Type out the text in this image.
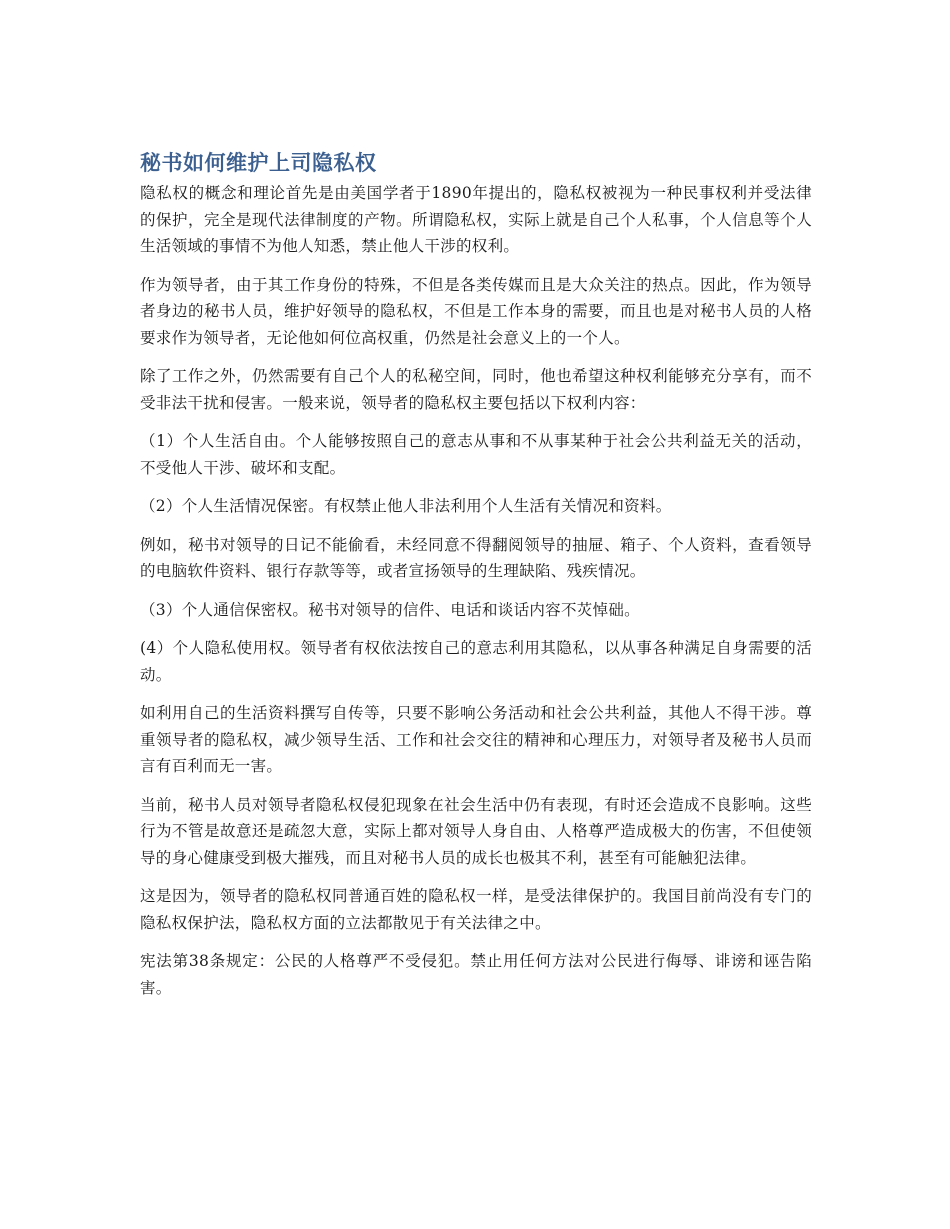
秘书如何维护上司隐私权

隐私权的概念和理论首先是由美国学者于1890年提出的，隐私权被视为一种民事权利并受法律的保护，完全是现代法律制度的产物。所谓隐私权，实际上就是自己个人私事，个人信息等个人生活领域的事情不为他人知悉，禁止他人干涉的权利。

作为领导者，由于其工作身份的特殊，不但是各类传媒而且是大众关注的热点。因此，作为领导者身边的秘书人员，维护好领导的隐私权，不但是工作本身的需要，而且也是对秘书人员的人格要求作为领导者，无论他如何位高权重，仍然是社会意义上的一个人。

除了工作之外，仍然需要有自己个人的私秘空间，同时，他也希望这种权利能够充分享有，而不受非法干扰和侵害。一般来说，领导者的隐私权主要包括以下权利内容：

（1）个人生活自由。个人能够按照自己的意志从事和不从事某种于社会公共利益无关的活动，不受他人干涉、破坏和支配。

（2）个人生活情况保密。有权禁止他人非法利用个人生活有关情况和资料。

例如，秘书对领导的日记不能偷看，未经同意不得翻阅领导的抽屉、箱子、个人资料，查看领导的电脑软件资料、银行存款等等，或者宣扬领导的生理缺陷、残疾情况。

（3）个人通信保密权。秘书对领导的信件、电话和谈话内容不苂悼础。

(4）个人隐私使用权。领导者有权依法按自己的意志利用其隐私，以从事各种满足自身需要的活动。

如利用自己的生活资料撰写自传等，只要不影响公务活动和社会公共利益，其他人不得干涉。尊重领导者的隐私权，减少领导生活、工作和社会交往的精神和心理压力，对领导者及秘书人员而言有百利而无一害。

当前，秘书人员对领导者隐私权侵犯现象在社会生活中仍有表现，有时还会造成不良影响。这些行为不管是故意还是疏忽大意，实际上都对领导人身自由、人格尊严造成极大的伤害，不但使领导的身心健康受到极大摧残，而且对秘书人员的成长也极其不利，甚至有可能触犯法律。

这是因为，领导者的隐私权同普通百姓的隐私权一样，是受法律保护的。我国目前尚没有专门的隐私权保护法，隐私权方面的立法都散见于有关法律之中。

宪法第38条规定：公民的人格尊严不受侵犯。禁止用任何方法对公民进行侮辱、诽谤和诬告陷害。
